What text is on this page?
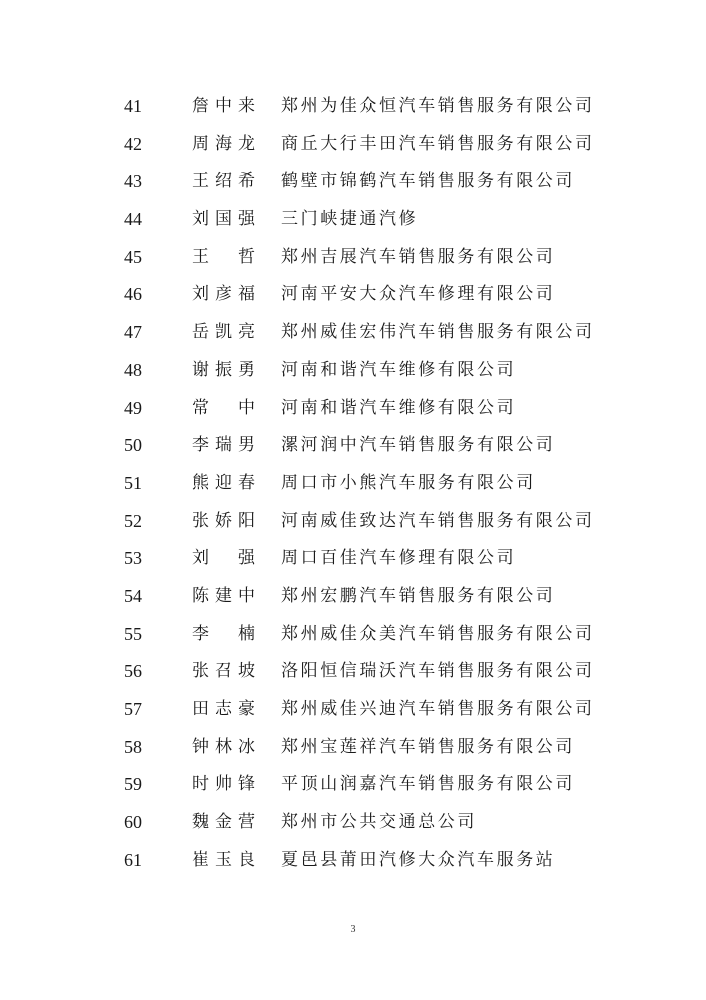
41	詹中来 郑州为佳众恒汽车销售服务有限公司
42	周海龙 商丘大行丰田汽车销售服务有限公司
43	王绍希 鹤壁市锦鹤汽车销售服务有限公司
44	刘国强 三门峡捷通汽修
45	王哲 郑州吉展汽车销售服务有限公司
46	刘彦福 河南平安大众汽车修理有限公司
47	岳凯亮 郑州威佳宏伟汽车销售服务有限公司
48	谢振勇 河南和谐汽车维修有限公司
49	常中 河南和谐汽车维修有限公司
50	李瑞男 漯河润中汽车销售服务有限公司
51	熊迎春 周口市小熊汽车服务有限公司
52	张娇阳 河南威佳致达汽车销售服务有限公司
53	刘强 周口百佳汽车修理有限公司
54	陈建中 郑州宏鹏汽车销售服务有限公司
55	李楠 郑州威佳众美汽车销售服务有限公司
56	张召坡 洛阳恒信瑞沃汽车销售服务有限公司
57	田志豪 郑州威佳兴迪汽车销售服务有限公司
58	钟林冰 郑州宝莲祥汽车销售服务有限公司
59	时帅锋 平顶山润嘉汽车销售服务有限公司
60	魏金营 郑州市公共交通总公司
61	崔玉良 夏邑县莆田汽修大众汽车服务站
3
